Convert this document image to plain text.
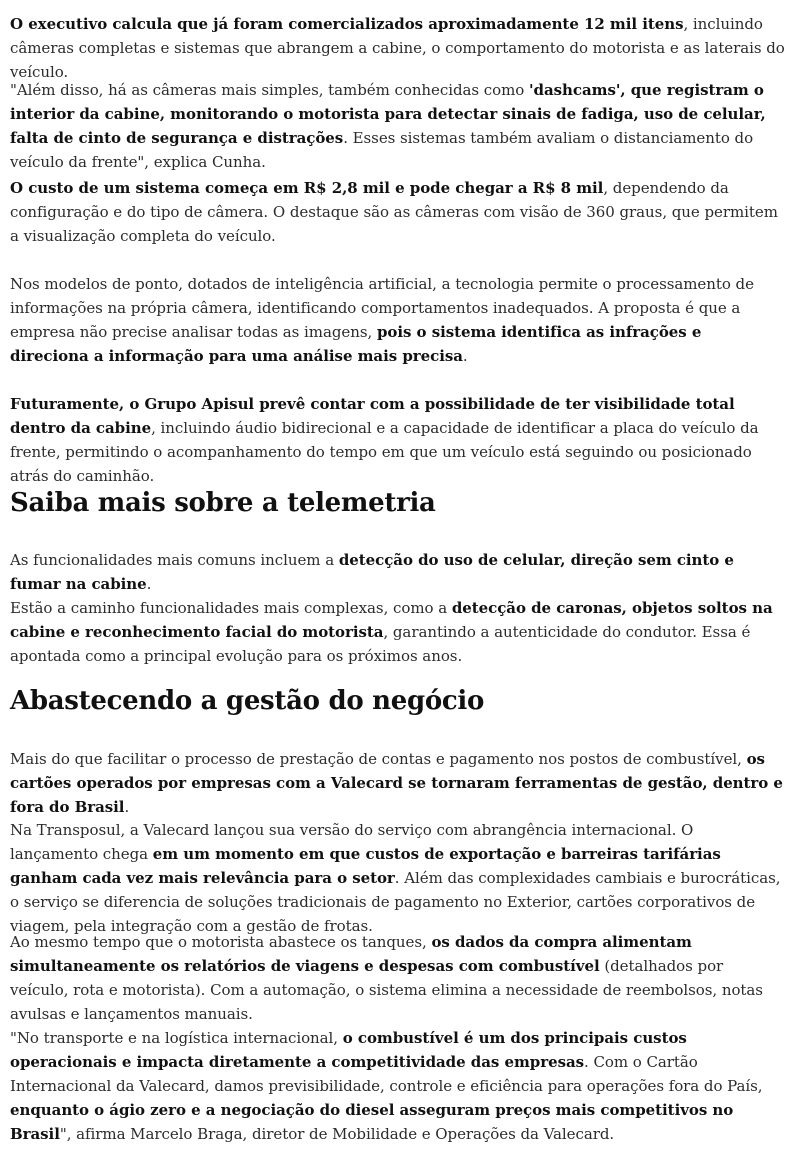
O executivo calcula que já foram comercializados aproximadamente 12 mil itens, incluindo câmeras completas e sistemas que abrangem a cabine, o comportamento do motorista e as laterais do veículo.

"Além disso, há as câmeras mais simples, também conhecidas como 'dashcams', que registram o interior da cabine, monitorando o motorista para detectar sinais de fadiga, uso de celular, falta de cinto de segurança e distrações. Esses sistemas também avaliam o distanciamento do veículo da frente", explica Cunha.

O custo de um sistema começa em R$ 2,8 mil e pode chegar a R$ 8 mil, dependendo da configuração e do tipo de câmera. O destaque são as câmeras com visão de 360 graus, que permitem a visualização completa do veículo.

Nos modelos de ponto, dotados de inteligência artificial, a tecnologia permite o processamento de informações na própria câmera, identificando comportamentos inadequados. A proposta é que a empresa não precise analisar todas as imagens, pois o sistema identifica as infrações e direciona a informação para uma análise mais precisa.

Futuramente, o Grupo Apisul prevê contar com a possibilidade de ter visibilidade total dentro da cabine, incluindo áudio bidirecional e a capacidade de identificar a placa do veículo da frente, permitindo o acompanhamento do tempo em que um veículo está seguindo ou posicionado atrás do caminhão.

Saiba mais sobre a telemetria

As funcionalidades mais comuns incluem a detecção do uso de celular, direção sem cinto e fumar na cabine.

Estão a caminho funcionalidades mais complexas, como a detecção de caronas, objetos soltos na cabine e reconhecimento facial do motorista, garantindo a autenticidade do condutor. Essa é apontada como a principal evolução para os próximos anos.

Abastecendo a gestão do negócio

Mais do que facilitar o processo de prestação de contas e pagamento nos postos de combustível, os cartões operados por empresas com a Valecard se tornaram ferramentas de gestão, dentro e fora do Brasil.

Na Transposul, a Valecard lançou sua versão do serviço com abrangência internacional. O lançamento chega em um momento em que custos de exportação e barreiras tarifárias ganham cada vez mais relevância para o setor. Além das complexidades cambiais e burocráticas, o serviço se diferencia de soluções tradicionais de pagamento no Exterior, cartões corporativos de viagem, pela integração com a gestão de frotas.

Ao mesmo tempo que o motorista abastece os tanques, os dados da compra alimentam simultaneamente os relatórios de viagens e despesas com combustível (detalhados por veículo, rota e motorista). Com a automação, o sistema elimina a necessidade de reembolsos, notas avulsas e lançamentos manuais.

"No transporte e na logística internacional, o combustível é um dos principais custos operacionais e impacta diretamente a competitividade das empresas. Com o Cartão Internacional da Valecard, damos previsibilidade, controle e eficiência para operações fora do País, enquanto o ágio zero e a negociação do diesel asseguram preços mais competitivos no Brasil", afirma Marcelo Braga, diretor de Mobilidade e Operações da Valecard.
